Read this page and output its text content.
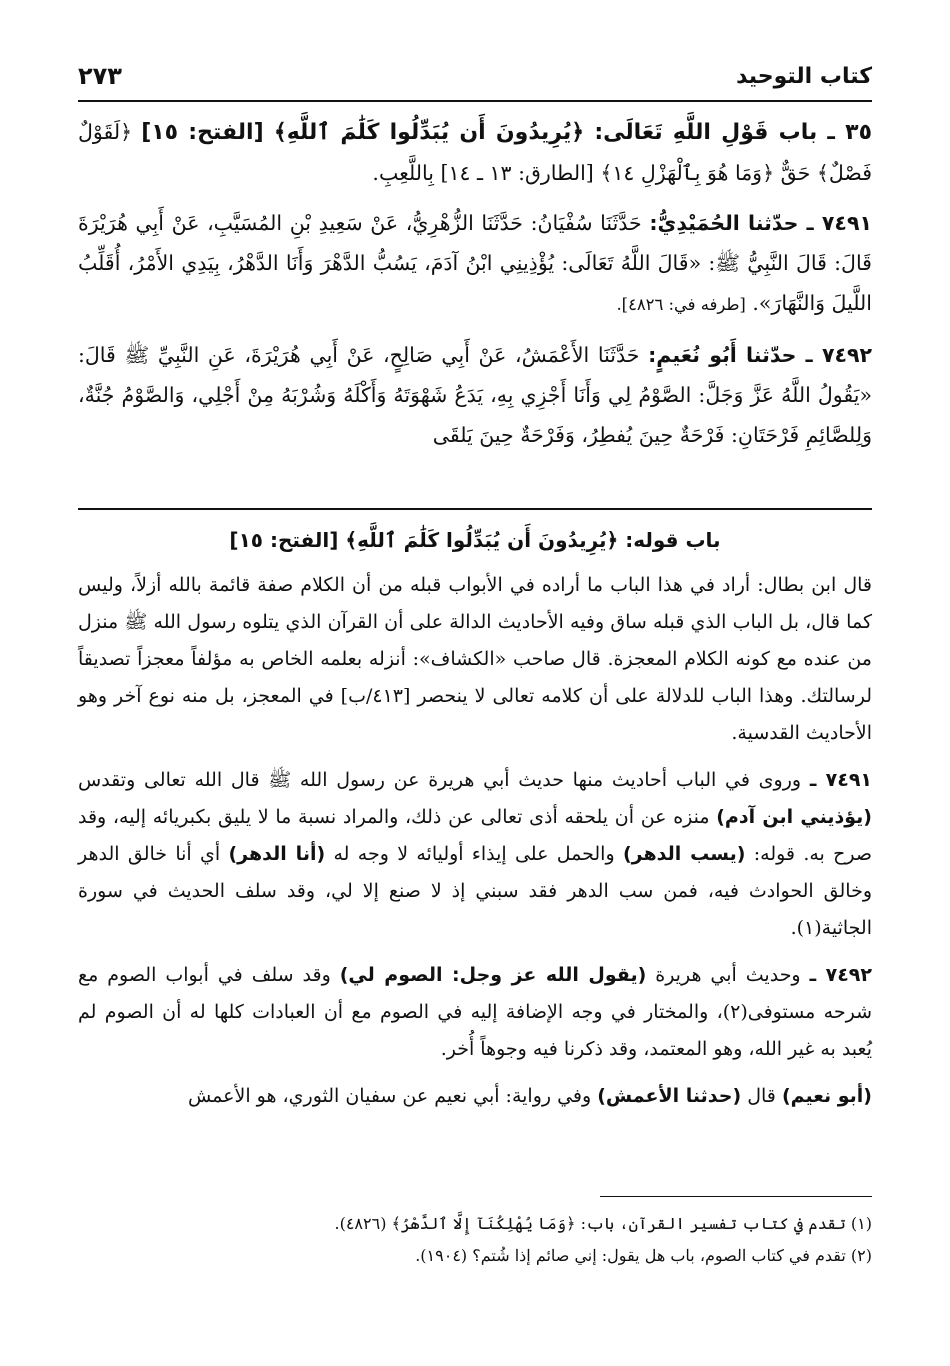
كتاب التوحيد
٢٧٣

٣٥ ـ باب قَوْلِ اللَّهِ تَعَالَى: ﴿يُرِيدُونَ أَن يُبَدِّلُوا كَلَٰمَ ٱللَّهِ﴾ [الفتح: ١٥] ﴿لَقَوْلٌ فَصْلٌ﴾ حَقٌّ ﴿وَمَا هُوَ بِٱلْهَزْلِ ١٤﴾ [الطارق: ١٣ ـ ١٤] بِاللَّعِبِ.

٧٤٩١ ـ حدّثنا الحُمَيْدِيُّ: حَدَّثَنَا سُفْيَانُ: حَدَّثَنَا الزُّهْرِيُّ، عَنْ سَعِيدِ بْنِ المُسَيَّبِ، عَنْ أَبِي هُرَيْرَةَ قَالَ: قَالَ النَّبِيُّ ﷺ: «قَالَ اللَّهُ تَعَالَى: يُؤْذِينِي ابْنُ آدَمَ، يَسُبُّ الدَّهْرَ وَأَنَا الدَّهْرُ، بِيَدِي الأَمْرُ، أُقَلِّبُ اللَّيلَ وَالنَّهَارَ». [طرفه في: ٤٨٢٦].

٧٤٩٢ ـ حدّثنا أَبُو نُعَيمٍ: حَدَّثَنَا الأَعْمَشُ، عَنْ أَبِي صَالِحٍ، عَنْ أَبِي هُرَيْرَةَ، عَنِ النَّبِيِّ ﷺ قَالَ: «يَقُولُ اللَّهُ عَزَّ وَجَلَّ: الصَّوْمُ لِي وَأَنَا أَجْزِي بِهِ، يَدَعُ شَهْوَتَهُ وَأَكْلَهُ وَشُرْبَهُ مِنْ أَجْلِي، وَالصَّوْمُ جُنَّةٌ، وَلِلصَّائِمِ فَرْحَتَانِ: فَرْحَةٌ حِينَ يُفطِرُ، وَفَرْحَةٌ حِينَ يَلقَى

باب قوله: ﴿يُرِيدُونَ أَن يُبَدِّلُوا كَلَٰمَ ٱللَّهِ﴾ [الفتح: ١٥]

قال ابن بطال: أراد في هذا الباب ما أراده في الأبواب قبله من أن الكلام صفة قائمة بالله أزلاً، وليس كما قال، بل الباب الذي قبله ساق وفيه الأحاديث الدالة على أن القرآن الذي يتلوه رسول الله ﷺ منزل من عنده مع كونه الكلام المعجزة. قال صاحب «الكشاف»: أنزله بعلمه الخاص به مؤلفاً معجزاً تصديقاً لرسالتك. وهذا الباب للدلالة على أن كلامه تعالى لا ينحصر [٤١٣/ب] في المعجز، بل منه نوع آخر وهو الأحاديث القدسية.

٧٤٩١ ـ وروى في الباب أحاديث منها حديث أبي هريرة عن رسول الله ﷺ قال الله تعالى وتقدس (يؤذيني ابن آدم) منزه عن أن يلحقه أذى تعالى عن ذلك، والمراد نسبة ما لا يليق بكبريائه إليه، وقد صرح به. قوله: (يسب الدهر) والحمل على إيذاء أوليائه لا وجه له (أنا الدهر) أي أنا خالق الدهر وخالق الحوادث فيه، فمن سب الدهر فقد سبني إذ لا صنع إلا لي، وقد سلف الحديث في سورة الجاثية(١).

٧٤٩٢ ـ وحديث أبي هريرة (يقول الله عز وجل: الصوم لي) وقد سلف في أبواب الصوم مع شرحه مستوفى(٢)، والمختار في وجه الإضافة إليه في الصوم مع أن العبادات كلها له أن الصوم لم يُعبد به غير الله، وهو المعتمد، وقد ذكرنا فيه وجوهاً أُخر.

(أبو نعيم) قال (حدثنا الأعمش) وفي رواية: أبي نعيم عن سفيان الثوري، هو الأعمش

(١) تقدم في كتاب تفسير القرآن، باب: ﴿وَمَا يُهْلِكُنَآ إِلَّا ٱلدَّهْرُ﴾ (٤٨٢٦).

(٢) تقدم في كتاب الصوم، باب هل يقول: إني صائم إذا شُتم؟ (١٩٠٤).
